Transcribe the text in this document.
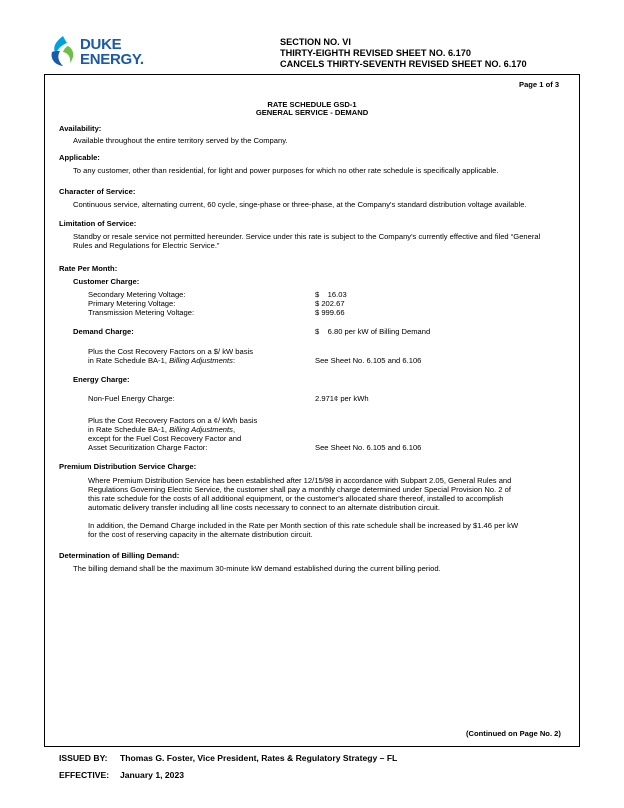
DUKE
ENERGY.
SECTION NO. VI
THIRTY-EIGHTH REVISED SHEET NO. 6.170
CANCELS THIRTY-SEVENTH REVISED SHEET NO. 6.170
Page 1 of 3
RATE SCHEDULE GSD-1
GENERAL SERVICE - DEMAND
Availability:
Available throughout the entire territory served by the Company.
Applicable:
To any customer, other than residential, for light and power purposes for which no other rate schedule is specifically applicable.
Character of Service:
Continuous service, alternating current, 60 cycle, singe-phase or three-phase, at the Company's standard distribution voltage available.
Limitation of Service:
Standby or resale service not permitted hereunder. Service under this rate is subject to the Company's currently effective and filed “General
Rules and Regulations for Electric Service.”
Rate Per Month:
Customer Charge:
Secondary Metering Voltage:	$    16.03
Primary Metering Voltage:	$ 202.67
Transmission Metering Voltage:	$ 999.66
Demand Charge:	$    6.80 per kW of Billing Demand
Plus the Cost Recovery Factors on a $/ kW basis
in Rate Schedule BA-1, Billing Adjustments:	See Sheet No. 6.105 and 6.106
Energy Charge:
Non-Fuel Energy Charge:	2.971¢ per kWh
Plus the Cost Recovery Factors on a ¢/ kWh basis
in Rate Schedule BA-1, Billing Adjustments,
except for the Fuel Cost Recovery Factor and
Asset Securitization Charge Factor:	See Sheet No. 6.105 and 6.106
Premium Distribution Service Charge:
Where Premium Distribution Service has been established after 12/15/98 in accordance with Subpart 2.05, General Rules and
Regulations Governing Electric Service, the customer shall pay a monthly charge determined under Special Provision No. 2 of
this rate schedule for the costs of all additional equipment, or the customer's allocated share thereof, installed to accomplish
automatic delivery transfer including all line costs necessary to connect to an alternate distribution circuit.
In addition, the Demand Charge included in the Rate per Month section of this rate schedule shall be increased by $1.46 per kW
for the cost of reserving capacity in the alternate distribution circuit.
Determination of Billing Demand:
The billing demand shall be the maximum 30-minute kW demand established during the current billing period.
(Continued on Page No. 2)
ISSUED BY: Thomas G. Foster, Vice President, Rates & Regulatory Strategy – FL
EFFECTIVE: January 1, 2023
